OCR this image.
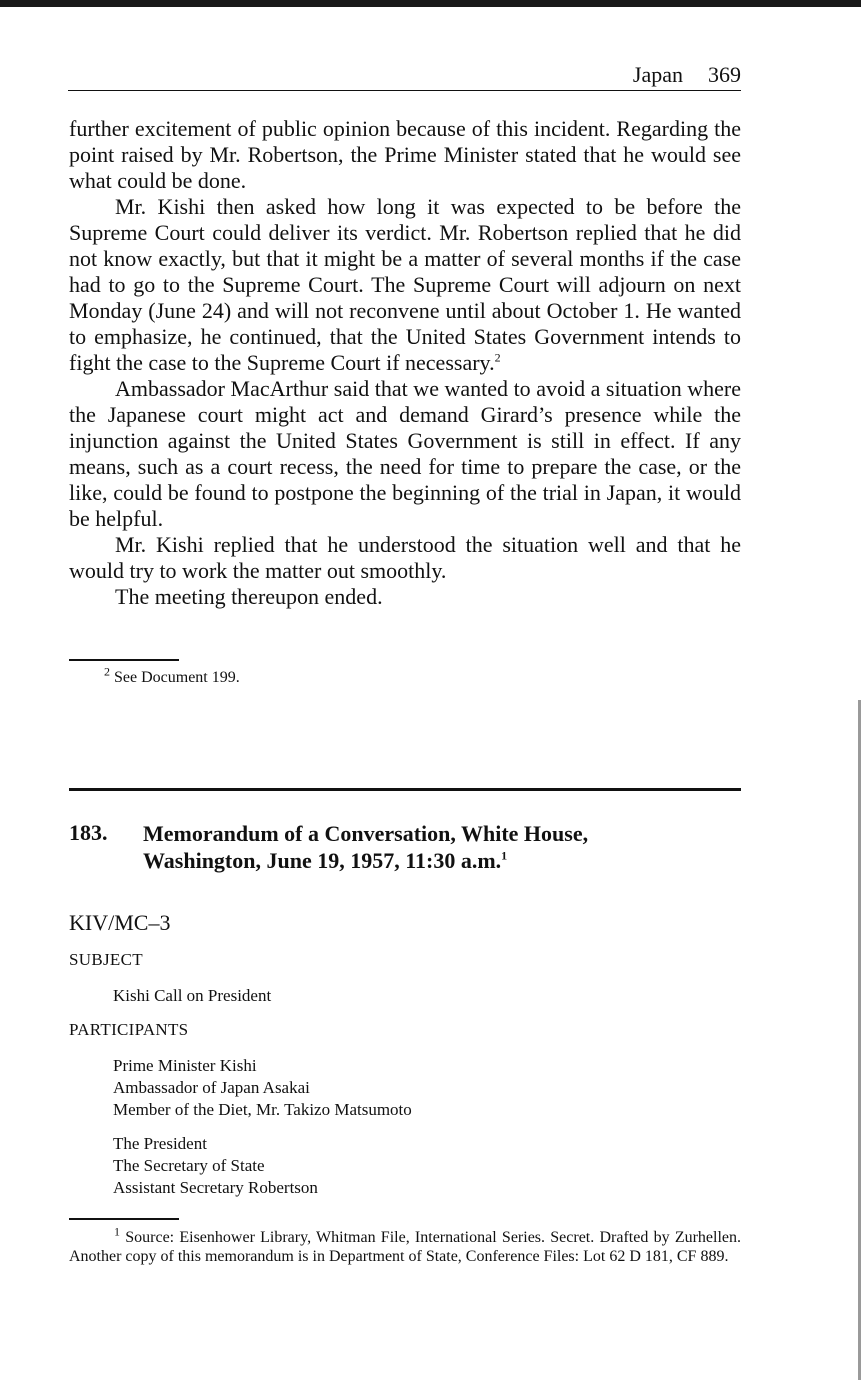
Japan 369

further excitement of public opinion because of this incident. Regarding the point raised by Mr. Robertson, the Prime Minister stated that he would see what could be done.

Mr. Kishi then asked how long it was expected to be before the Supreme Court could deliver its verdict. Mr. Robertson replied that he did not know exactly, but that it might be a matter of several months if the case had to go to the Supreme Court. The Supreme Court will adjourn on next Monday (June 24) and will not reconvene until about October 1. He wanted to emphasize, he continued, that the United States Government intends to fight the case to the Supreme Court if necessary.$^2$

Ambassador MacArthur said that we wanted to avoid a situation where the Japanese court might act and demand Girard’s presence while the injunction against the United States Government is still in effect. If any means, such as a court recess, the need for time to prepare the case, or the like, could be found to postpone the beginning of the trial in Japan, it would be helpful.

Mr. Kishi replied that he understood the situation well and that he would try to work the matter out smoothly.

The meeting thereupon ended.

$^2$ See Document 199.
183. Memorandum of a Conversation, White House,
Washington, June 19, 1957, 11:30 a.m.$^1$
KIV/MC–3
SUBJECT
Kishi Call on President
PARTICIPANTS
Prime Minister Kishi
Ambassador of Japan Asakai
Member of the Diet, Mr. Takizo Matsumoto
The President
The Secretary of State
Assistant Secretary Robertson
$^1$ Source: Eisenhower Library, Whitman File, International Series. Secret. Drafted by Zurhellen. Another copy of this memorandum is in Department of State, Conference Files: Lot 62 D 181, CF 889.
